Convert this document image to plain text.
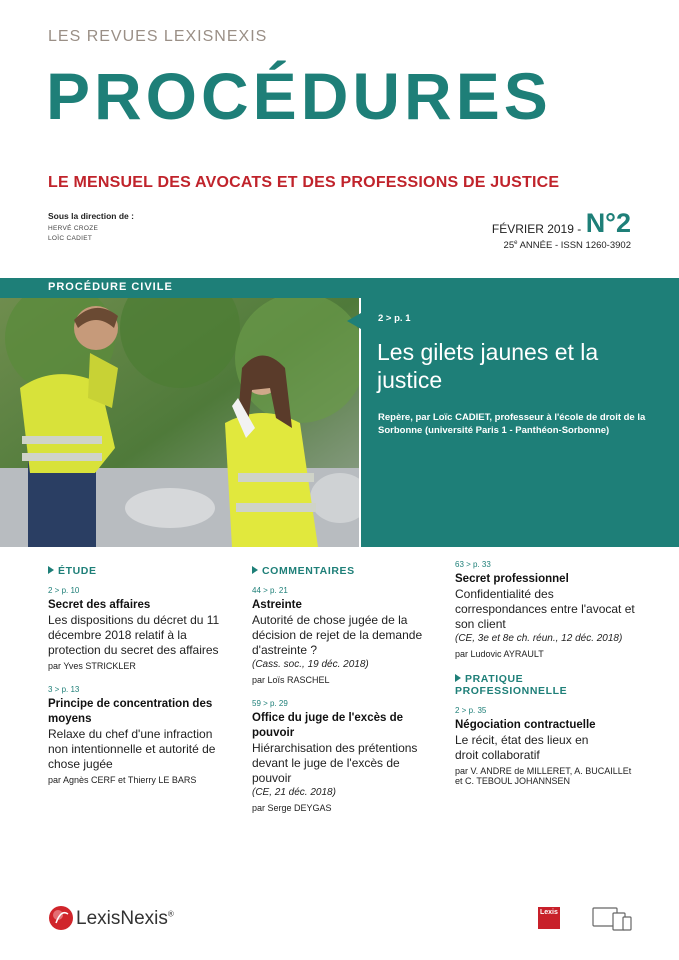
LES REVUES LEXISNEXIS
PROCÉDURES
LE MENSUEL DES AVOCATS ET DES PROFESSIONS DE JUSTICE
Sous la direction de :
HERVÉ CROZE
LOÏC CADIET
FÉVRIER 2019 - N°2
25e ANNÉE - ISSN 1260-3902
PROCÉDURE CIVILE
2 > p. 1
Les gilets jaunes et la justice
Repère, par Loïc CADIET, professeur à l'école de droit de la Sorbonne (université Paris 1 - Panthéon-Sorbonne)
ÉTUDE
2 > p. 10
Secret des affaires
Les dispositions du décret du 11 décembre 2018 relatif à la protection du secret des affaires
par Yves STRICKLER
3 > p. 13
Principe de concentration des moyens
Relaxe du chef d'une infraction non intentionnelle et autorité de chose jugée
par Agnès CERF et Thierry LE BARS
COMMENTAIRES
44 > p. 21
Astreinte
Autorité de chose jugée de la décision de rejet de la demande d'astreinte ?
(Cass. soc., 19 déc. 2018)
par Loïs RASCHEL
59 > p. 29
Office du juge de l'excès de pouvoir
Hiérarchisation des prétentions devant le juge de l'excès de pouvoir
(CE, 21 déc. 2018)
par Serge DEYGAS
63 > p. 33
Secret professionnel
Confidentialité des correspondances entre l'avocat et son client
(CE, 3e et 8e ch. réun., 12 déc. 2018)
par Ludovic AYRAULT
PRATIQUE PROFESSIONNELLE
2 > p. 35
Négociation contractuelle
Le récit, état des lieux en droit collaboratif
par V. ANDRE de MILLERET, A. BUCAILLEt et C. TEBOUL JOHANNSEN
LexisNexis®	Lexis
